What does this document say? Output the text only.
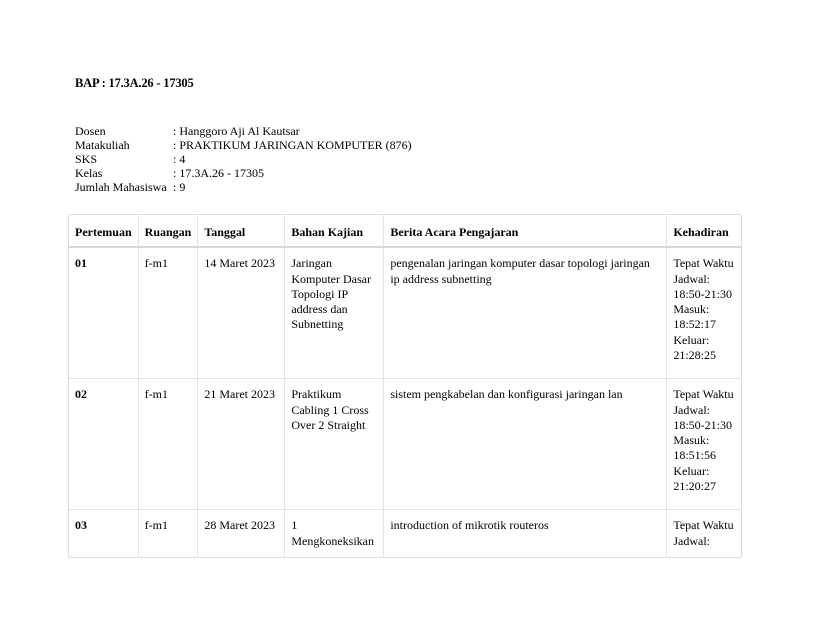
BAP : 17.3A.26 - 17305
Dosen	: Hanggoro Aji Al Kautsar
Matakuliah	: PRAKTIKUM JARINGAN KOMPUTER (876)
SKS	: 4
Kelas	: 17.3A.26 - 17305
Jumlah Mahasiswa : 9
Pertemuan	Ruangan	Tanggal	Bahan Kajian	Berita Acara Pengajaran	Kehadiran
01	f-m1	14 Maret 2023	Jaringan Komputer Dasar Topologi IP address dan Subnetting	pengenalan jaringan komputer dasar topologi jaringan ip address subnetting	Tepat Waktu Jadwal: 18:50-21:30 Masuk: 18:52:17 Keluar: 21:28:25
02	f-m1	21 Maret 2023	Praktikum Cabling 1 Cross Over 2 Straight	sistem pengkabelan dan konfigurasi jaringan lan	Tepat Waktu Jadwal: 18:50-21:30 Masuk: 18:51:56 Keluar: 21:20:27
03	f-m1	28 Maret 2023	1 Mengkoneksikan	introduction of mikrotik routeros	Tepat Waktu Jadwal:
